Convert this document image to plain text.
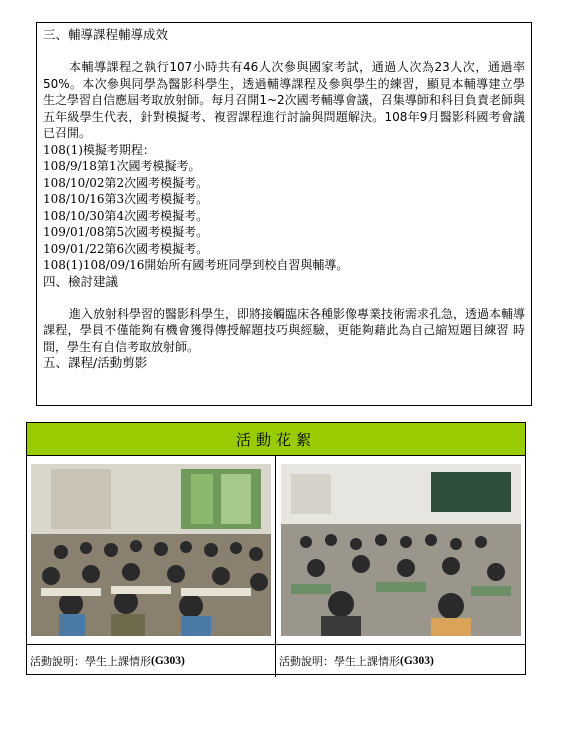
三、輔導課程輔導成效

本輔導課程之執行107小時共有46人次參與國家考試，通過人次為23人次，通過率50%。本次參與同學為醫影科學生，透過輔導課程及參與學生的練習，顯見本輔導建立學生之學習自信應屆考取放射師。每月召開1~2次國考輔導會議，召集導師和科目負責老師與五年級學生代表，針對模擬考、複習課程進行討論與問題解決。108年9月醫影科國考會議已召開。

108(1)模擬考期程：
108/9/18第1次國考模擬考。
108/10/02第2次國考模擬考。
108/10/16第3次國考模擬考。
108/10/30第4次國考模擬考。
109/01/08第5次國考模擬考。
109/01/22第6次國考模擬考。
108(1)108/09/16開始所有國考班同學到校自習與輔導。

四、檢討建議

進入放射科學習的醫影科學生，即將接觸臨床各種影像專業技術需求孔急，透過本輔導課程，學員不僅能夠有機會獲得傳授解題技巧與經驗，更能夠藉此為自己縮短題目練習 時間，學生有自信考取放射師。

五、課程/活動剪影

活動花絮
活動說明：學生上課情形 (G303)	活動說明：學生上課情形 (G303)
